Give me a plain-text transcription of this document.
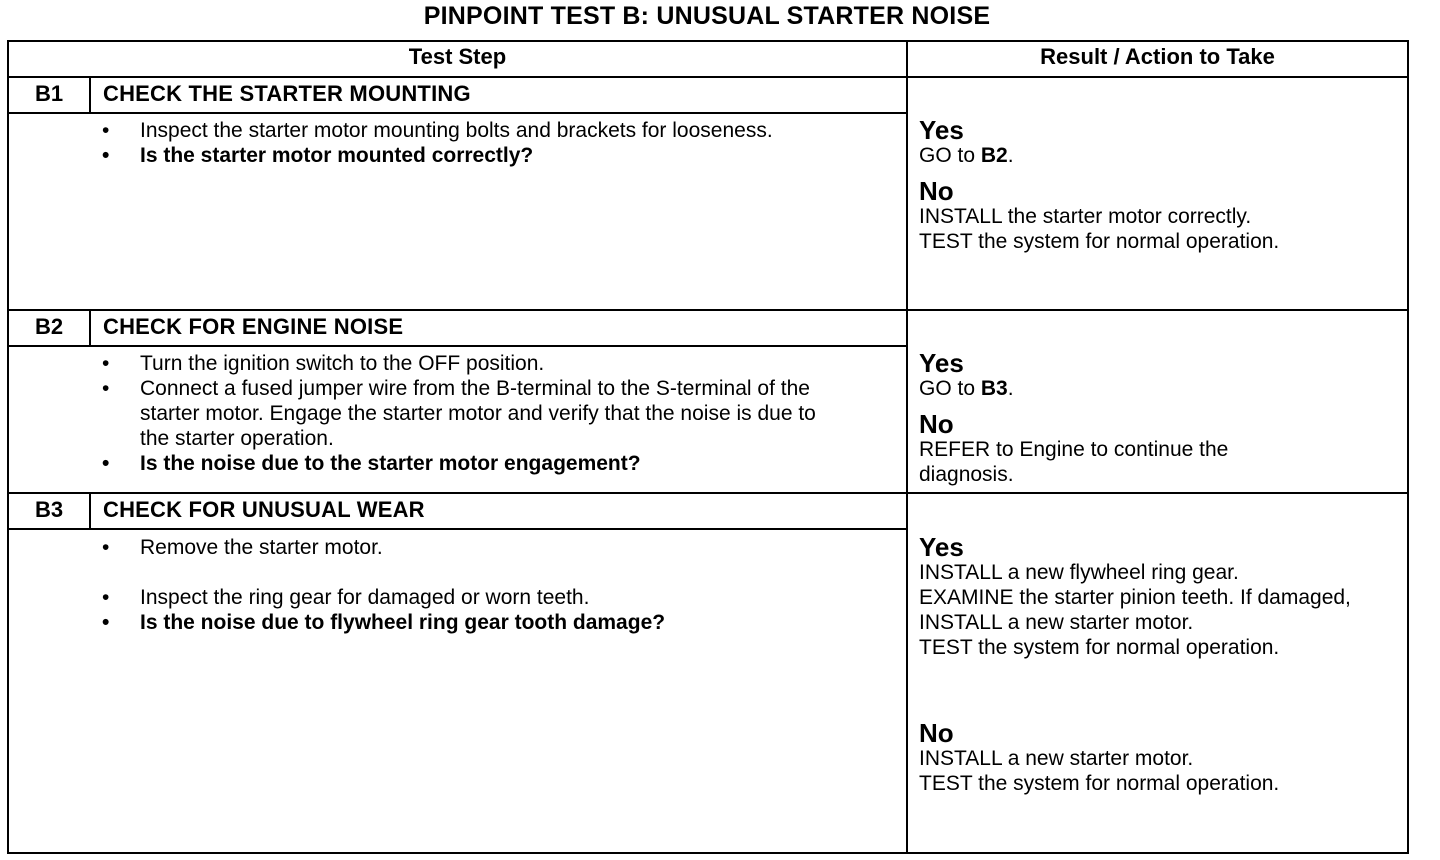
PINPOINT TEST B: UNUSUAL STARTER NOISE
Test Step	Result / Action to Take
B1	CHECK THE STARTER MOUNTING
• Inspect the starter motor mounting bolts and brackets for looseness.
• Is the starter motor mounted correctly?
Yes
GO to B2.
No
INSTALL the starter motor correctly.
TEST the system for normal operation.
B2	CHECK FOR ENGINE NOISE
• Turn the ignition switch to the OFF position.
• Connect a fused jumper wire from the B-terminal to the S-terminal of the starter motor. Engage the starter motor and verify that the noise is due to the starter operation.
• Is the noise due to the starter motor engagement?
Yes
GO to B3.
No
REFER to Engine to continue the diagnosis.
B3	CHECK FOR UNUSUAL WEAR
• Remove the starter motor.
• Inspect the ring gear for damaged or worn teeth.
• Is the noise due to flywheel ring gear tooth damage?
Yes
INSTALL a new flywheel ring gear.
EXAMINE the starter pinion teeth. If damaged, INSTALL a new starter motor.
TEST the system for normal operation.
No
INSTALL a new starter motor.
TEST the system for normal operation.
